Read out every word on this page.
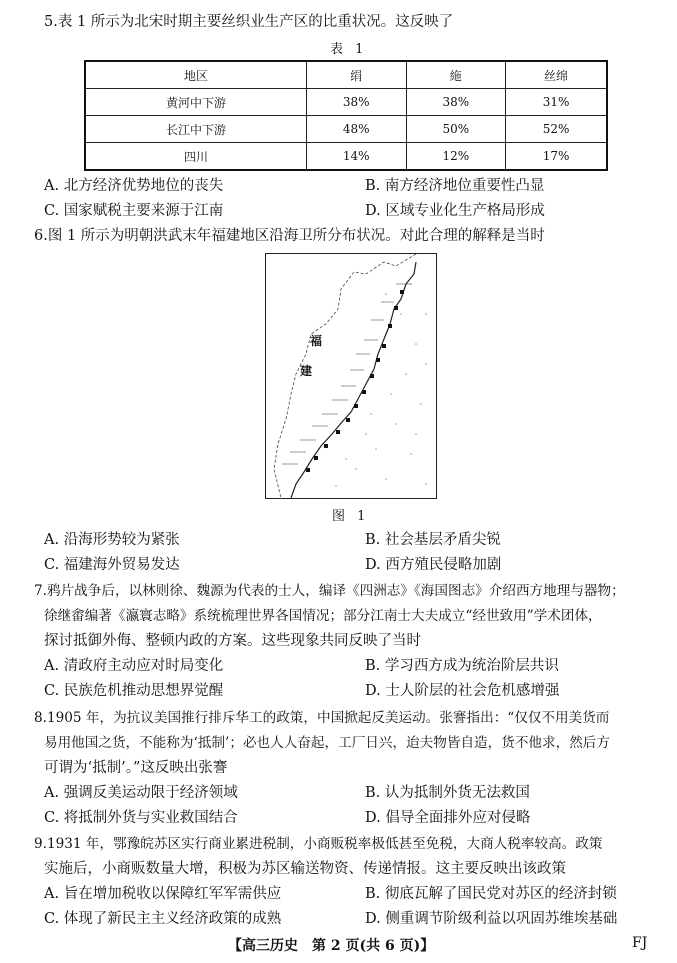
5.表 1 所示为北宋时期主要丝织业生产区的比重状况。这反映了
表 1
地区	绢	絁	丝绵
黄河中下游	38%	38%	31%
长江中下游	48%	50%	52%
四川	14%	12%	17%
A. 北方经济优势地位的丧失	B. 南方经济地位重要性凸显
C. 国家赋税主要来源于江南	D. 区域专业化生产格局形成
6.图 1 所示为明朝洪武末年福建地区沿海卫所分布状况。对此合理的解释是当时
福
建
图 1
A. 沿海形势较为紧张	B. 社会基层矛盾尖锐
C. 福建海外贸易发达	D. 西方殖民侵略加剧
7.鸦片战争后，以林则徐、魏源为代表的士人，编译《四洲志》《海国图志》介绍西方地理与器物；
徐继畬编著《瀛寰志略》系统梳理世界各国情况；部分江南士大夫成立“经世致用”学术团体，
探讨抵御外侮、整顿内政的方案。这些现象共同反映了当时
A. 清政府主动应对时局变化	B. 学习西方成为统治阶层共识
C. 民族危机推动思想界觉醒	D. 士人阶层的社会危机感增强
8.1905 年，为抗议美国推行排斥华工的政策，中国掀起反美运动。张謇指出：“仅仅不用美货而
易用他国之货，不能称为‘抵制’；必也人人奋起，工厂日兴，迨夫物皆自造，货不他求，然后方
可谓为‘抵制’。”这反映出张謇
A. 强调反美运动限于经济领域	B. 认为抵制外货无法救国
C. 将抵制外货与实业救国结合	D. 倡导全面排外应对侵略
9.1931 年，鄂豫皖苏区实行商业累进税制，小商贩税率极低甚至免税，大商人税率较高。政策
实施后，小商贩数量大增，积极为苏区输送物资、传递情报。这主要反映出该政策
A. 旨在增加税收以保障红军军需供应	B. 彻底瓦解了国民党对苏区的经济封锁
C. 体现了新民主主义经济政策的成熟	D. 侧重调节阶级利益以巩固苏维埃基础
【高三历史　第 2 页(共 6 页)】	FJ
